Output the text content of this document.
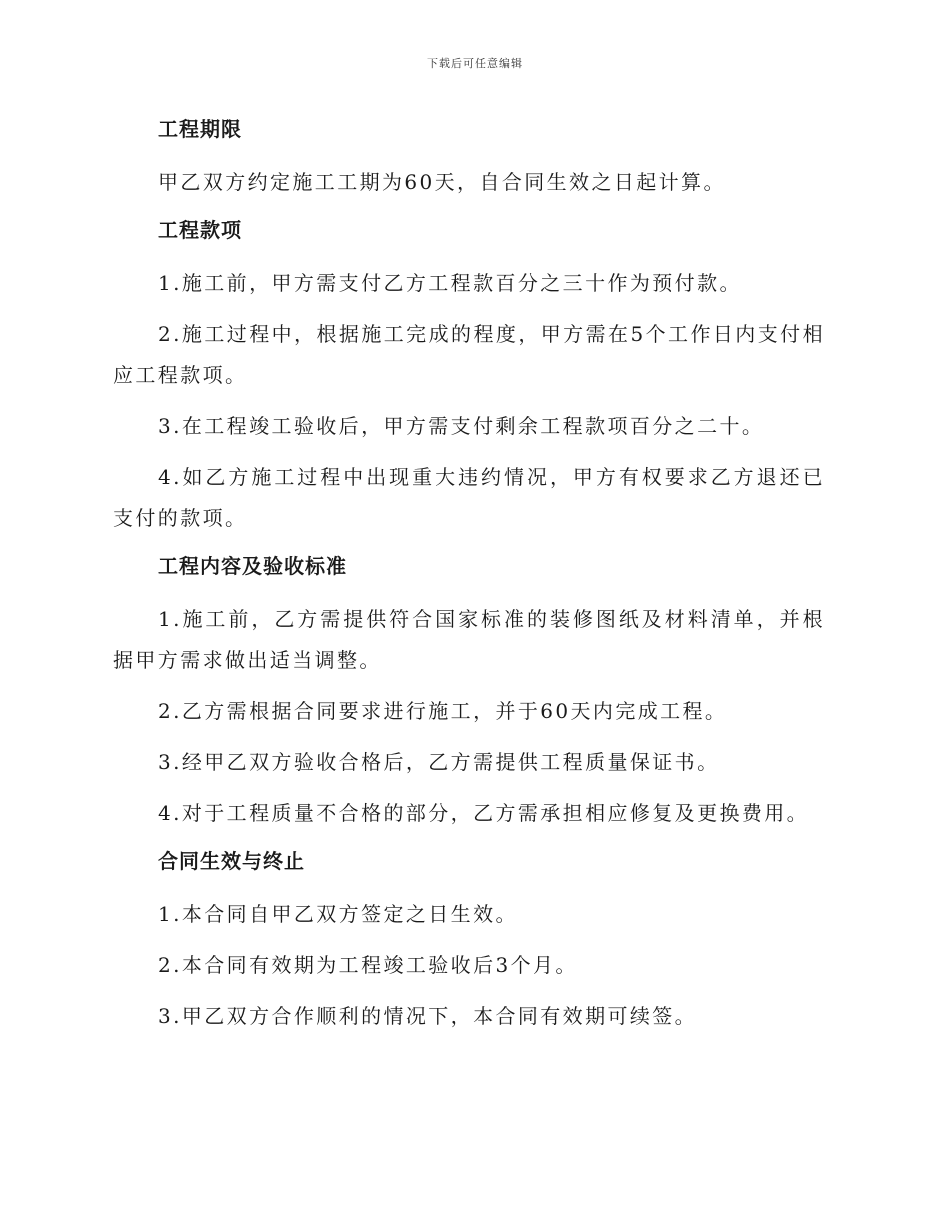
下载后可任意编辑
工程期限
甲乙双方约定施工工期为60天，自合同生效之日起计算。
工程款项
1.施工前，甲方需支付乙方工程款百分之三十作为预付款。
2.施工过程中，根据施工完成的程度，甲方需在5个工作日内支付相应工程款项。
3.在工程竣工验收后，甲方需支付剩余工程款项百分之二十。
4.如乙方施工过程中出现重大违约情况，甲方有权要求乙方退还已支付的款项。
工程内容及验收标准
1.施工前，乙方需提供符合国家标准的装修图纸及材料清单，并根据甲方需求做出适当调整。
2.乙方需根据合同要求进行施工，并于60天内完成工程。
3.经甲乙双方验收合格后，乙方需提供工程质量保证书。
4.对于工程质量不合格的部分，乙方需承担相应修复及更换费用。
合同生效与终止
1.本合同自甲乙双方签定之日生效。
2.本合同有效期为工程竣工验收后3个月。
3.甲乙双方合作顺利的情况下，本合同有效期可续签。
